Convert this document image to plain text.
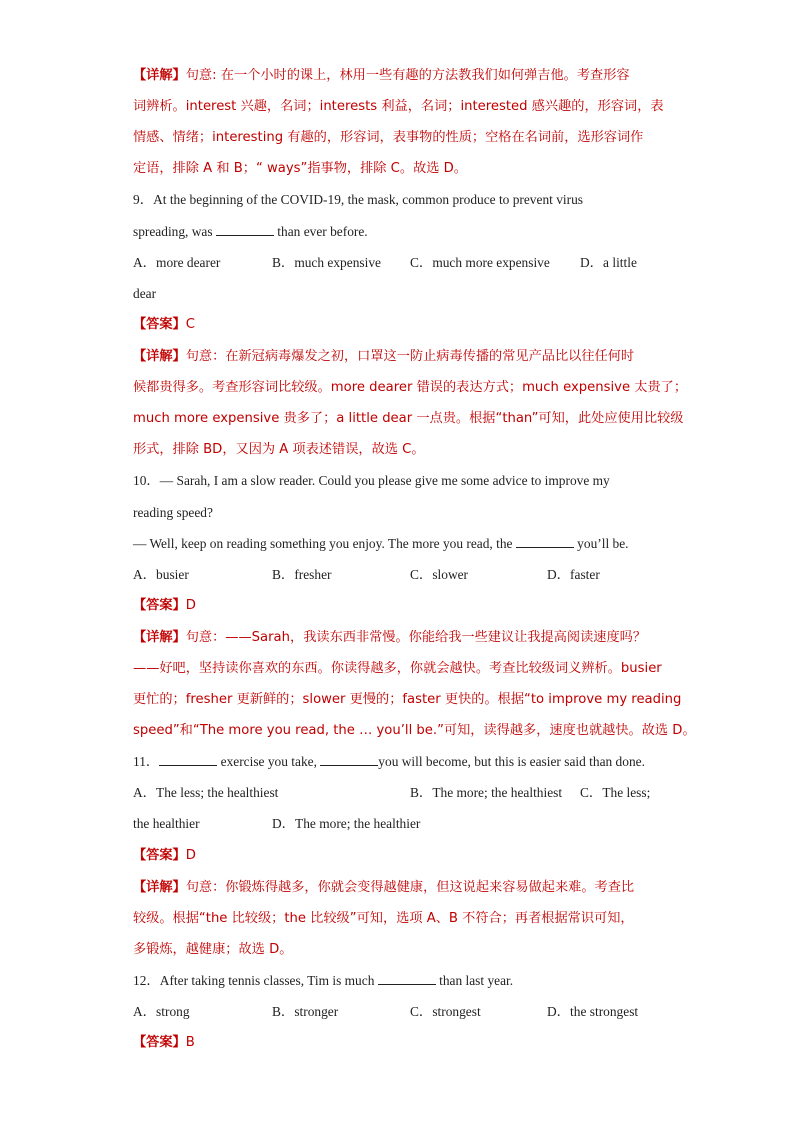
【详解】句意: 在一个小时的课上，林用一些有趣的方法教我们如何弹吉他。考查形容
词辨析。interest 兴趣，名词；interests 利益，名词；interested 感兴趣的，形容词，表
情感、情绪；interesting 有趣的，形容词，表事物的性质；空格在名词前，选形容词作
定语，排除 A 和 B；“ ways”指事物，排除 C。故选 D。
9．At the beginning of the COVID-19, the mask, common produce to prevent virus
spreading, was	than ever before.
A．more dearer	B．much expensive C．much more expensive D．a little
dear
【答案】C
【详解】句意：在新冠病毒爆发之初，口罩这一防止病毒传播的常见产品比以往任何时
候都贵得多。考查形容词比较级。more dearer 错误的表达方式；much expensive 太贵了；
much more expensive 贵多了；a little dear 一点贵。根据“than”可知，此处应使用比较级
形式，排除 BD，又因为 A 项表述错误，故选 C。
10．— Sarah, I am a slow reader. Could you please give me some advice to improve my
reading speed?
— Well, keep on reading something you enjoy. The more you read, the	you’ll be.
A．busier	B．fresher	C．slower	D．faster
【答案】D
【详解】句意：——Sarah，我读东西非常慢。你能给我一些建议让我提高阅读速度吗？
——好吧，坚持读你喜欢的东西。你读得越多，你就会越快。考查比较级词义辨析。busier
更忙的；fresher 更新鲜的；slower 更慢的；faster 更快的。根据“to improve my reading
speed”和“The more you read, the … you’ll be.”可知，读得越多，速度也就越快。故选 D。
11．	exercise you take,	you will become, but this is easier said than done.
A．The less; the healthiest	B．The more; the healthiest C．The less;
the healthier	D．The more; the healthier
【答案】D
【详解】句意：你锻炼得越多，你就会变得越健康，但这说起来容易做起来难。考查比
较级。根据“the 比较级；the 比较级”可知，选项 A、B 不符合；再者根据常识可知，
多锻炼，越健康；故选 D。
12．After taking tennis classes, Tim is much	than last year.
A．strong	B．stronger	C．strongest	D．the strongest
【答案】B
